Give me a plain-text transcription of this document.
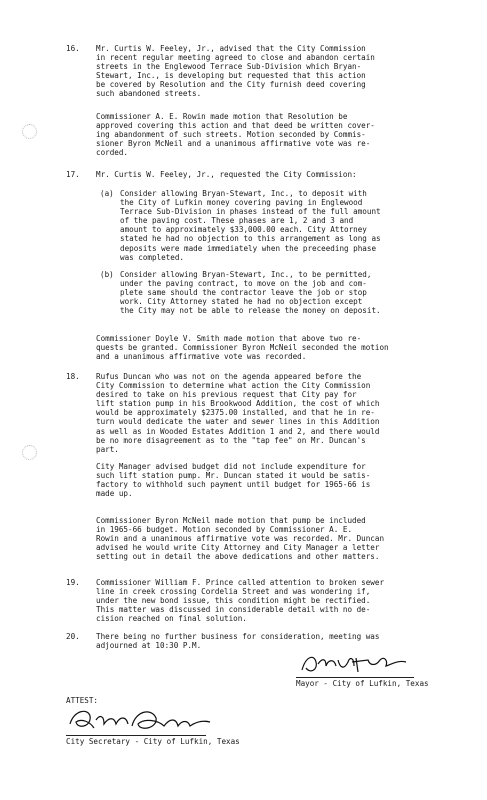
16. Mr. Curtis W. Feeley, Jr., advised that the City Commission
in recent regular meeting agreed to close and abandon certain
streets in the Englewood Terrace Sub-Division which Bryan-
Stewart, Inc., is developing but requested that this action
be covered by Resolution and the City furnish deed covering
such abandoned streets.
Commissioner A. E. Rowin made motion that Resolution be
approved covering this action and that deed be written cover-
ing abandonment of such streets. Motion seconded by Commis-
sioner Byron McNeil and a unanimous affirmative vote was re-
corded.
17. Mr. Curtis W. Feeley, Jr., requested the City Commission:
(a) Consider allowing Bryan-Stewart, Inc., to deposit with
the City of Lufkin money covering paving in Englewood
Terrace Sub-Division in phases instead of the full amount
of the paving cost. These phases are 1, 2 and 3 and
amount to approximately $33,000.00 each. City Attorney
stated he had no objection to this arrangement as long as
deposits were made immediately when the preceeding phase
was completed.
(b) Consider allowing Bryan-Stewart, Inc., to be permitted,
under the paving contract, to move on the job and com-
plete same should the contractor leave the job or stop
work. City Attorney stated he had no objection except
the City may not be able to release the money on deposit.
Commissioner Doyle V. Smith made motion that above two re-
quests be granted. Commissioner Byron McNeil seconded the motion
and a unanimous affirmative vote was recorded.
18. Rufus Duncan who was not on the agenda appeared before the
City Commission to determine what action the City Commission
desired to take on his previous request that City pay for
lift station pump in his Brookwood Addition, the cost of which
would be approximately $2375.00 installed, and that he in re-
turn would dedicate the water and sewer lines in this Addition
as well as in Wooded Estates Addition 1 and 2, and there would
be no more disagreement as to the "tap fee" on Mr. Duncan's
part.
City Manager advised budget did not include expenditure for
such lift station pump. Mr. Duncan stated it would be satis-
factory to withhold such payment until budget for 1965-66 is
made up.
Commissioner Byron McNeil made motion that pump be included
in 1965-66 budget. Motion seconded by Commissioner A. E.
Rowin and a unanimous affirmative vote was recorded. Mr. Duncan
advised he would write City Attorney and City Manager a letter
setting out in detail the above dedications and other matters.
19. Commissioner William F. Prince called attention to broken sewer
line in creek crossing Cordelia Street and was wondering if,
under the new bond issue, this condition might be rectified.
This matter was discussed in considerable detail with no de-
cision reached on final solution.
20. There being no further business for consideration, meeting was
adjourned at 10:30 P.M.
Mayor - City of Lufkin, Texas
ATTEST:
City Secretary - City of Lufkin, Texas
